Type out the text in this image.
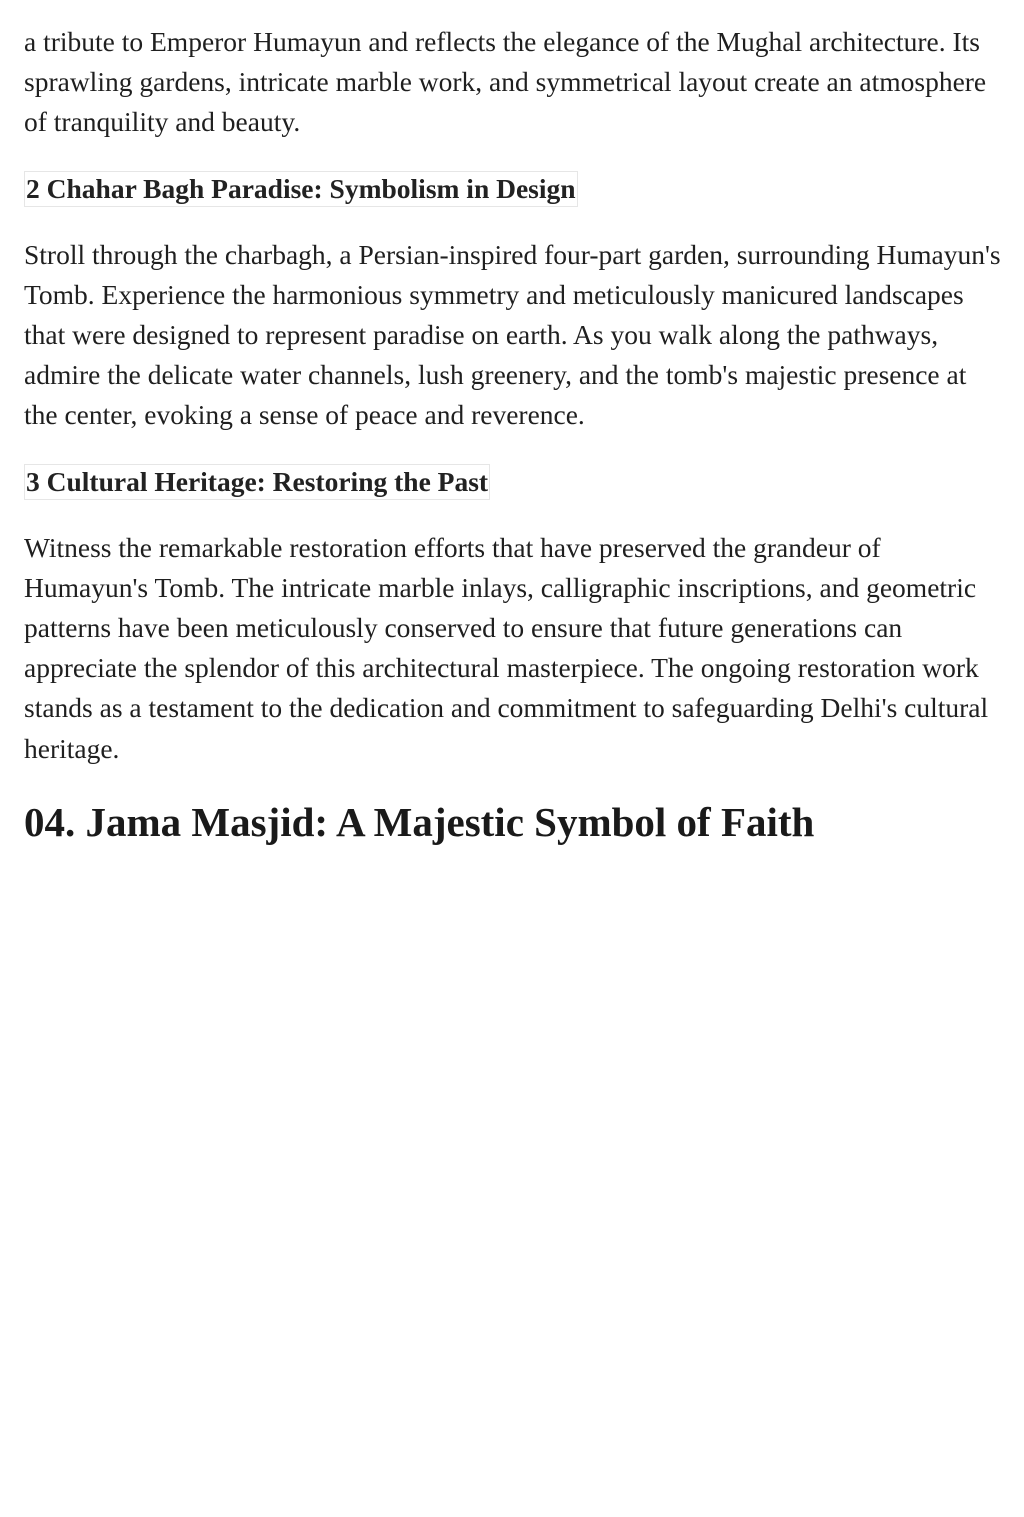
a tribute to Emperor Humayun and reflects the elegance of the Mughal architecture. Its sprawling gardens, intricate marble work, and symmetrical layout create an atmosphere of tranquility and beauty.

2 Chahar Bagh Paradise: Symbolism in Design

Stroll through the charbagh, a Persian-inspired four-part garden, surrounding Humayun's Tomb. Experience the harmonious symmetry and meticulously manicured landscapes that were designed to represent paradise on earth. As you walk along the pathways, admire the delicate water channels, lush greenery, and the tomb's majestic presence at the center, evoking a sense of peace and reverence.

3 Cultural Heritage: Restoring the Past

Witness the remarkable restoration efforts that have preserved the grandeur of Humayun's Tomb. The intricate marble inlays, calligraphic inscriptions, and geometric patterns have been meticulously conserved to ensure that future generations can appreciate the splendor of this architectural masterpiece. The ongoing restoration work stands as a testament to the dedication and commitment to safeguarding Delhi's cultural heritage.

04. Jama Masjid: A Majestic Symbol of Faith
